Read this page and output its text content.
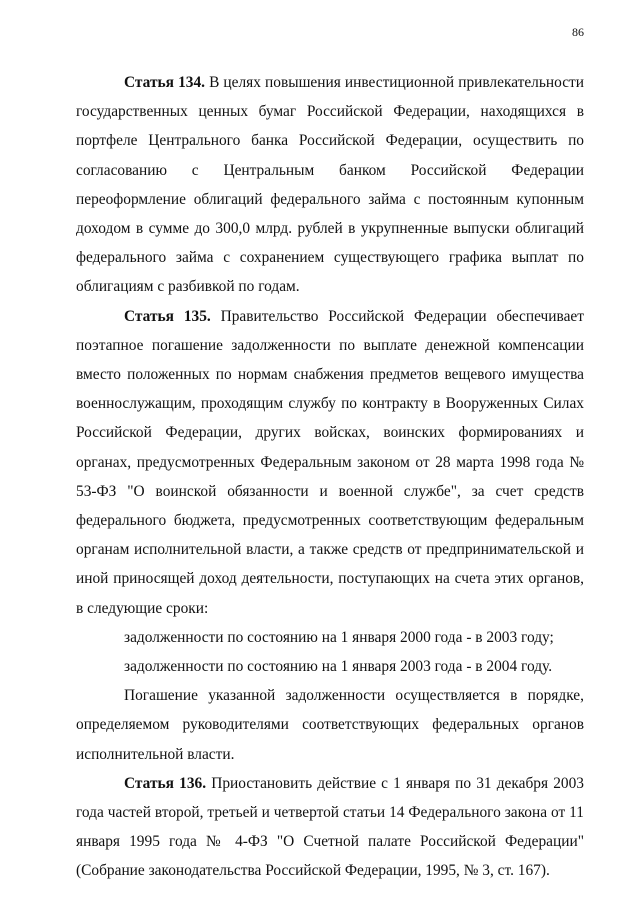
86

Статья 134. В целях повышения инвестиционной привлекательности государственных ценных бумаг Российской Федерации, находящихся в портфеле Центрального банка Российской Федерации, осуществить по согласованию с Центральным банком Российской Федерации переоформление облигаций федерального займа с постоянным купонным доходом в сумме до 300,0 млрд. рублей в укрупненные выпуски облигаций федерального займа с сохранением существующего графика выплат по облигациям с разбивкой по годам.

Статья 135. Правительство Российской Федерации обеспечивает поэтапное погашение задолженности по выплате денежной компенсации вместо положенных по нормам снабжения предметов вещевого имущества военнослужащим, проходящим службу по контракту в Вооруженных Силах Российской Федерации, других войсках, воинских формированиях и органах, предусмотренных Федеральным законом от 28 марта 1998 года № 53-ФЗ "О воинской обязанности и военной службе", за счет средств федерального бюджета, предусмотренных соответствующим федеральным органам исполнительной власти, а также средств от предпринимательской и иной приносящей доход деятельности, поступающих на счета этих органов, в следующие сроки:

задолженности по состоянию на 1 января 2000 года - в 2003 году;

задолженности по состоянию на 1 января 2003 года - в 2004 году.

Погашение указанной задолженности осуществляется в порядке, определяемом руководителями соответствующих федеральных органов исполнительной власти.

Статья 136. Приостановить действие с 1 января по 31 декабря 2003 года частей второй, третьей и четвертой статьи 14 Федерального закона от 11 января 1995 года № 4-ФЗ "О Счетной палате Российской Федерации" (Собрание законодательства Российской Федерации, 1995, № 3, ст. 167).
